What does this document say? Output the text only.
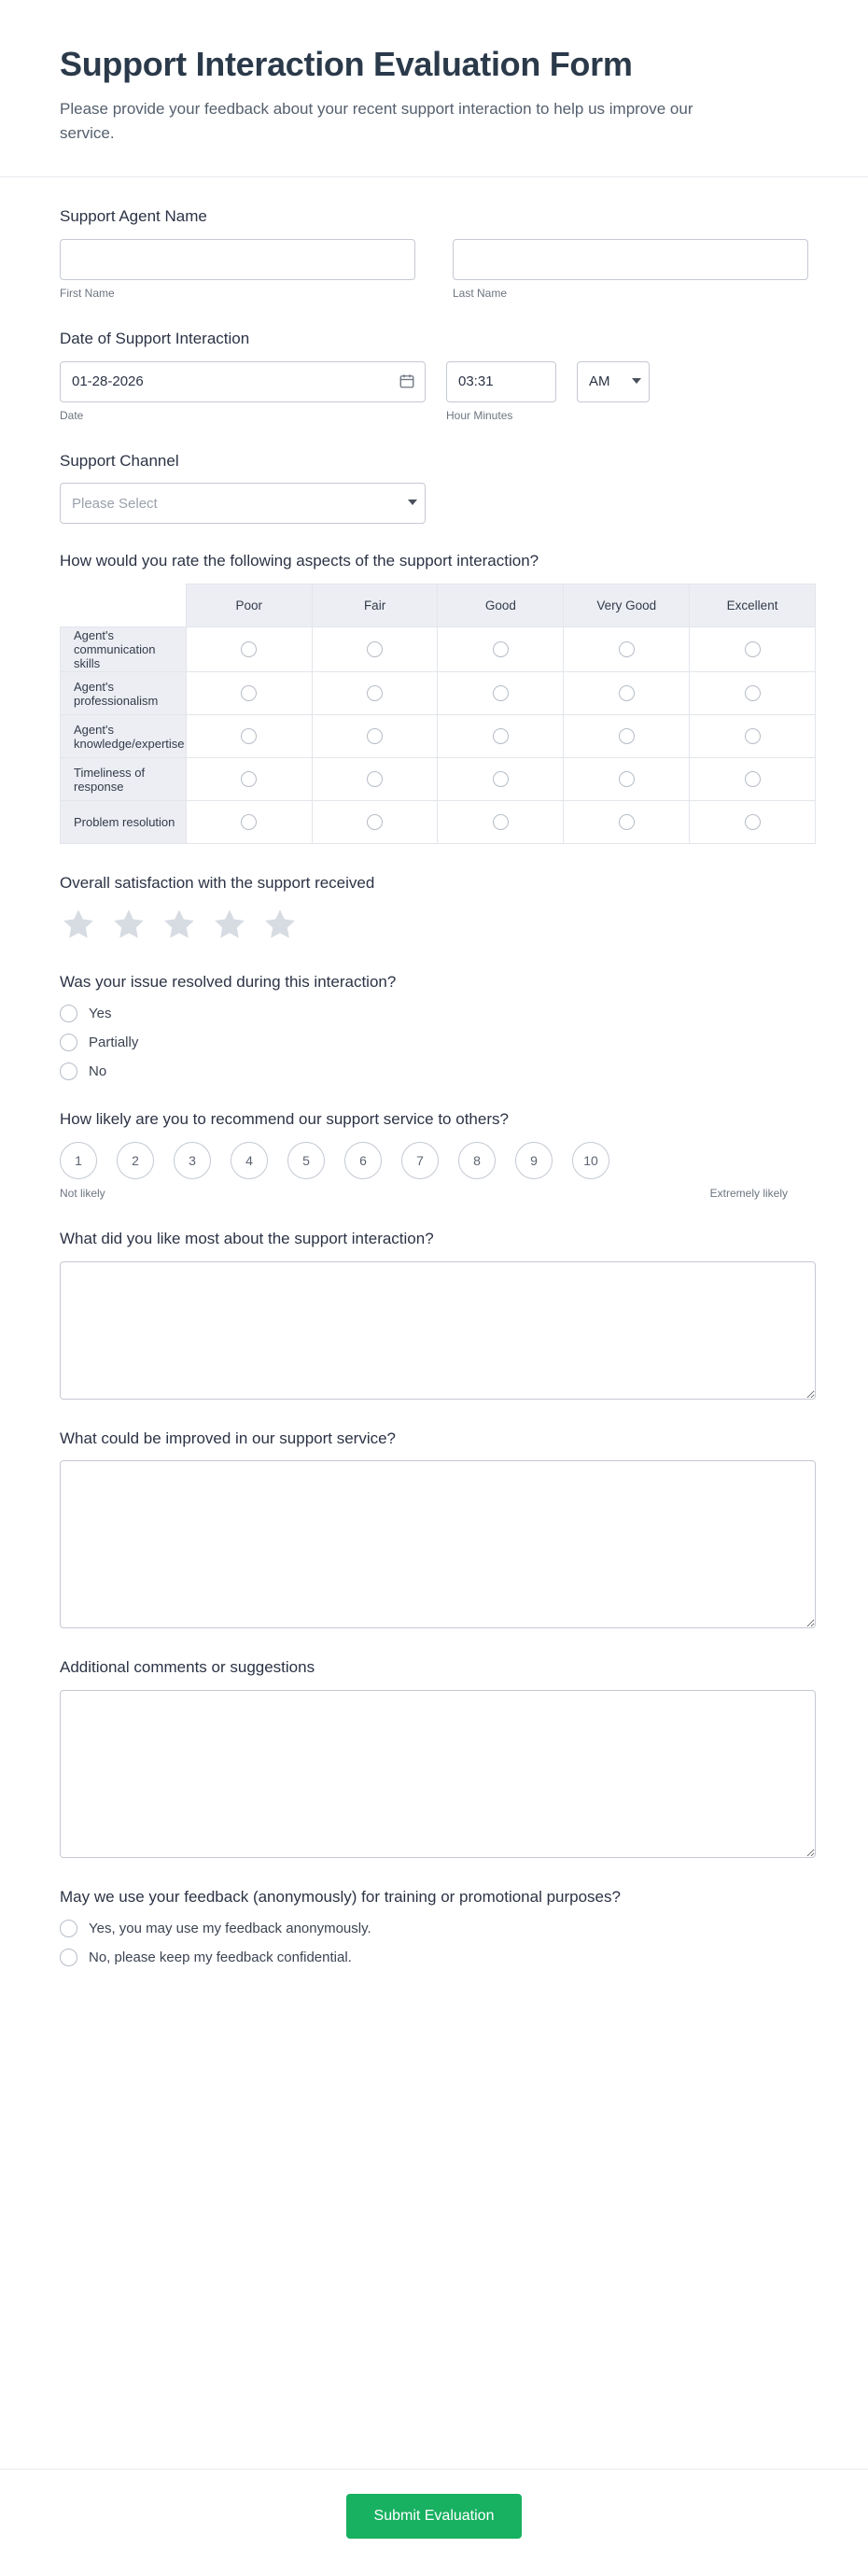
Support Interaction Evaluation Form

Please provide your feedback about your recent support interaction to help us improve our service.

Support Agent Name
First Name	Last Name
Date of Support Interaction
01-28-2026
03:31
AM
Date	Hour Minutes
Support Channel
Please Select
How would you rate the following aspects of the support interaction?
	Poor	Fair	Good	Very Good	Excellent
Agent's communication skills					
Agent's professionalism					
Agent's knowledge/expertise					
Timeliness of response					
Problem resolution					
Overall satisfaction with the support received
Was your issue resolved during this interaction?
Yes
Partially
No
How likely are you to recommend our support service to others?
1	2	3	4	5	6	7	8	9	10
Not likely	Extremely likely
What did you like most about the support interaction?
What could be improved in our support service?
Additional comments or suggestions
May we use your feedback (anonymously) for training or promotional purposes?
Yes, you may use my feedback anonymously.
No, please keep my feedback confidential.
Submit Evaluation
